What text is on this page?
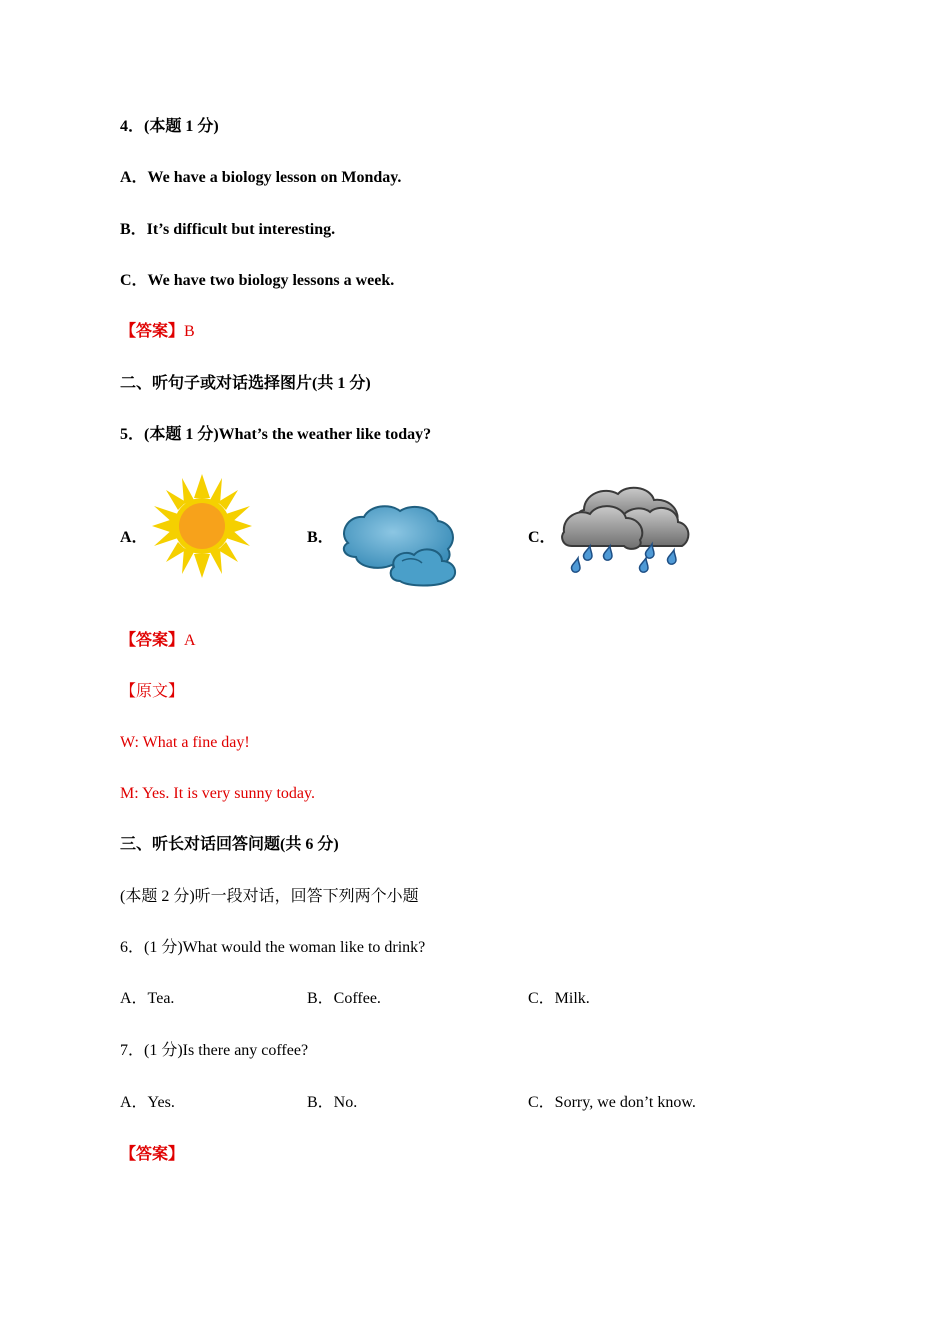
4．(本题 1 分)
A．We have a biology lesson on Monday.
B．It’s difficult but interesting.
C．We have two biology lessons a week.
【答案】B
二、听句子或对话选择图片(共 1 分)
5．(本题 1 分)What’s the weather like today?
A．	B．	C．
【答案】A
【原文】
W: What a fine day!
M: Yes. It is very sunny today.
三、听长对话回答问题(共 6 分)
(本题 2 分)听一段对话，回答下列两个小题
6．(1 分)What would the woman like to drink?
A．Tea.	B．Coffee.	C．Milk.
7．(1 分)Is there any coffee?
A．Yes.	B．No.	C．Sorry, we don’t know.
【答案】
